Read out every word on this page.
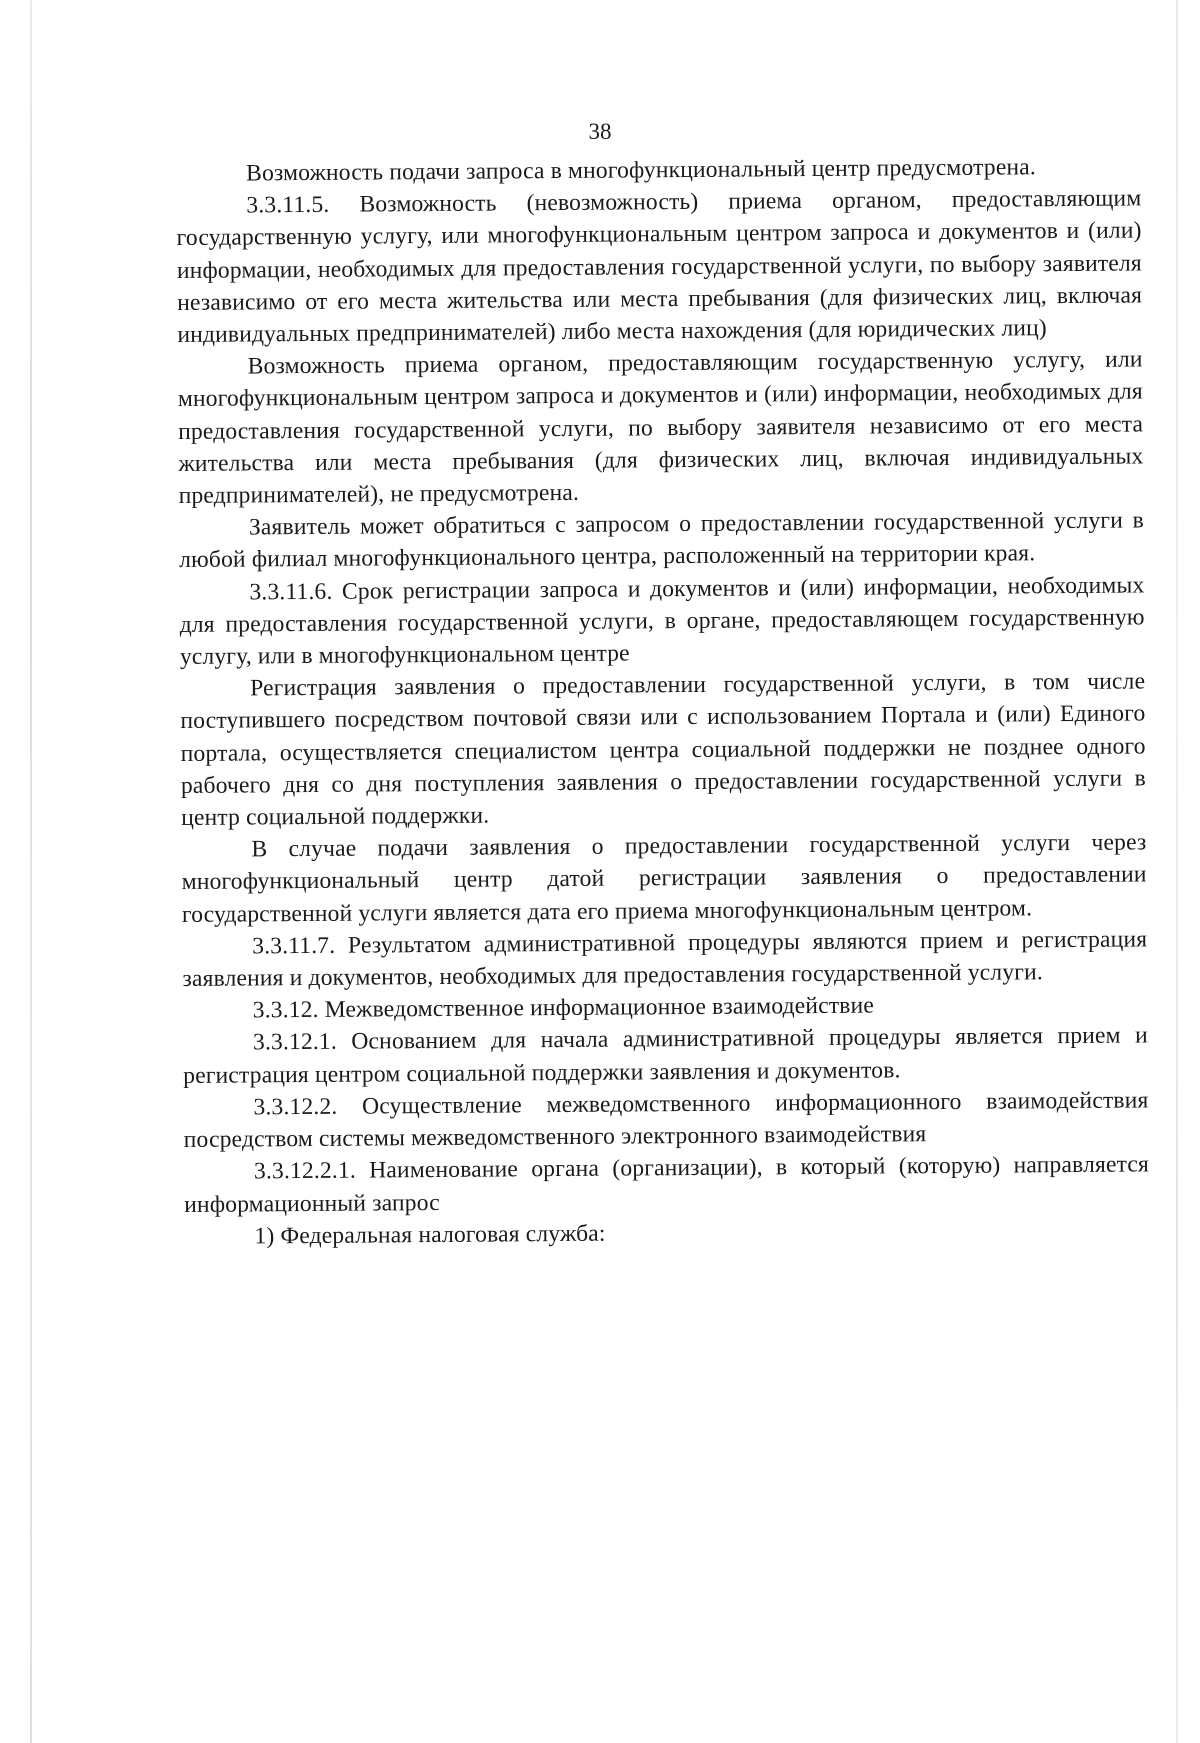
38

Возможность подачи запроса в многофункциональный центр предусмотрена.

3.3.11.5. Возможность (невозможность) приема органом, предоставляющим государственную услугу, или многофункциональным центром запроса и документов и (или) информации, необходимых для предоставления государственной услуги, по выбору заявителя независимо от его места жительства или места пребывания (для физических лиц, включая индивидуальных предпринимателей) либо места нахождения (для юридических лиц)

Возможность приема органом, предоставляющим государственную услугу, или многофункциональным центром запроса и документов и (или) информации, необходимых для предоставления государственной услуги, по выбору заявителя независимо от его места жительства или места пребывания (для физических лиц, включая индивидуальных предпринимателей), не предусмотрена.

Заявитель может обратиться с запросом о предоставлении государственной услуги в любой филиал многофункционального центра, расположенный на территории края.

3.3.11.6. Срок регистрации запроса и документов и (или) информации, необходимых для предоставления государственной услуги, в органе, предоставляющем государственную услугу, или в многофункциональном центре

Регистрация заявления о предоставлении государственной услуги, в том числе поступившего посредством почтовой связи или с использованием Портала и (или) Единого портала, осуществляется специалистом центра социальной поддержки не позднее одного рабочего дня со дня поступления заявления о предоставлении государственной услуги в центр социальной поддержки.

В случае подачи заявления о предоставлении государственной услуги через многофункциональный центр датой регистрации заявления о предоставлении государственной услуги является дата его приема многофункциональным центром.

3.3.11.7. Результатом административной процедуры являются прием и регистрация заявления и документов, необходимых для предоставления государственной услуги.

3.3.12. Межведомственное информационное взаимодействие

3.3.12.1. Основанием для начала административной процедуры является прием и регистрация центром социальной поддержки заявления и документов.

3.3.12.2. Осуществление межведомственного информационного взаимодействия посредством системы межведомственного электронного взаимодействия

3.3.12.2.1. Наименование органа (организации), в который (которую) направляется информационный запрос

1) Федеральная налоговая служба:
